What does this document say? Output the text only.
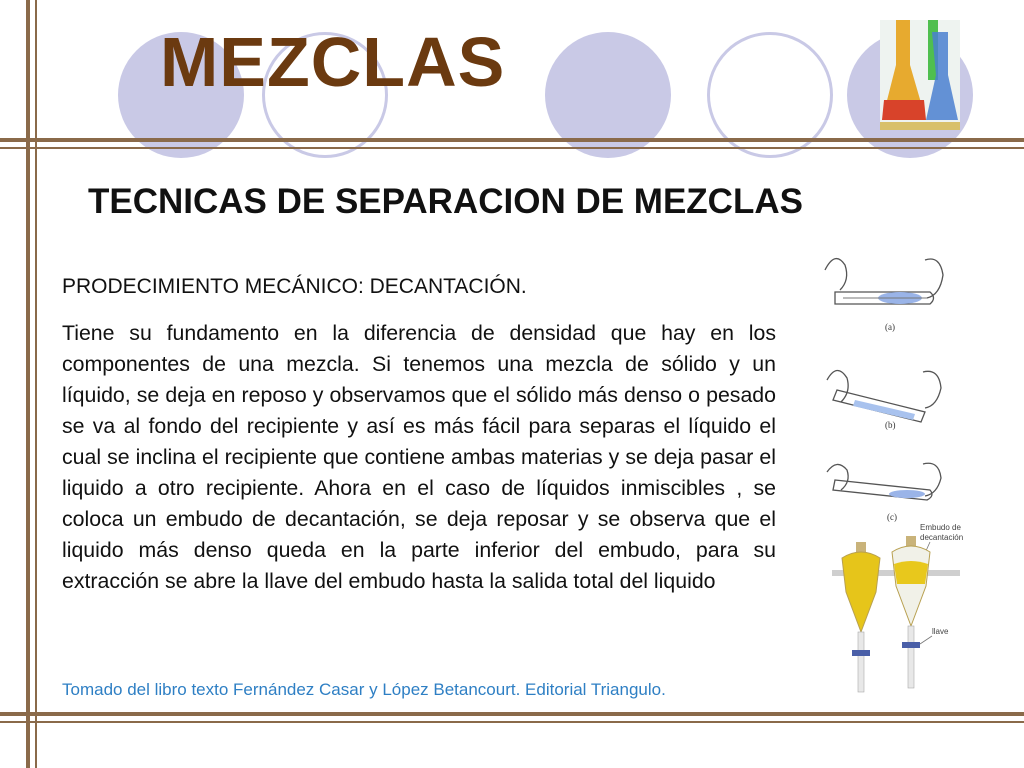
MEZCLAS
TECNICAS DE SEPARACION DE MEZCLAS

PRODECIMIENTO MECÁNICO: DECANTACIÓN.

Tiene su fundamento en la diferencia de densidad que hay en los componentes de una mezcla. Si tenemos una mezcla de sólido y un líquido, se deja en reposo y observamos que el sólido más denso o pesado se va al fondo del recipiente y así es más fácil para separas el líquido el cual se inclina el recipiente que contiene ambas materias y se deja pasar el liquido a otro recipiente. Ahora en el caso de líquidos inmiscibles , se coloca un embudo de decantación, se deja reposar y se observa que el liquido más denso queda en la parte inferior del embudo, para su extracción se abre la llave del embudo hasta la salida total del liquido

Tomado del libro texto Fernández Casar y López Betancourt. Editorial Triangulo.

(a)
(b)
(c)
Embudo de
decantación
llave
